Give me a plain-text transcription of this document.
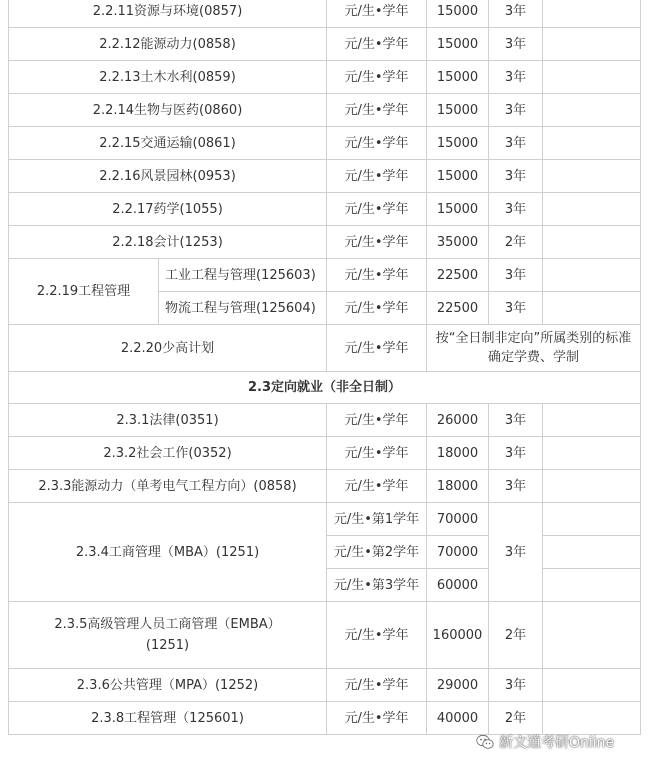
2.2.11资源与环境(0857)		元/生•学年	15000	3年	
2.2.12能源动力(0858)		元/生•学年	15000	3年	
2.2.13土木水利(0859)		元/生•学年	15000	3年	
2.2.14生物与医药(0860)		元/生•学年	15000	3年	
2.2.15交通运输(0861)		元/生•学年	15000	3年	
2.2.16风景园林(0953)		元/生•学年	15000	3年	
2.2.17药学(1055)		元/生•学年	15000	3年	
2.2.18会计(1253)		元/生•学年	35000	2年	
2.2.19工程管理	工业工程与管理(125603)	元/生•学年	22500	3年	
	物流工程与管理(125604)	元/生•学年	22500	3年	
2.2.20少高计划		元/生•学年	按“全日制非定向”所属类别的标准
确定学费、学制		

2.3定向就业（非全日制）					
2.3.1法律(0351)		元/生•学年	26000	3年	
2.3.2社会工作(0352)		元/生•学年	18000	3年	
2.3.3能源动力（单考电气工程方向）(0858)		元/生•学年	18000	3年	
2.3.4工商管理（MBA）(1251)		元/生•第1学年	70000	3年	
		元/生•第2学年	70000		
		元/生•第3学年	60000		

2.3.5高级管理人员工商管理（EMBA）
(1251)		元/生•学年	160000	2年	
2.3.6公共管理（MPA）(1252)		元/生•学年	29000	3年	
2.3.8工程管理（125601)		元/生•学年	40000	2年	
新文道考研Online
